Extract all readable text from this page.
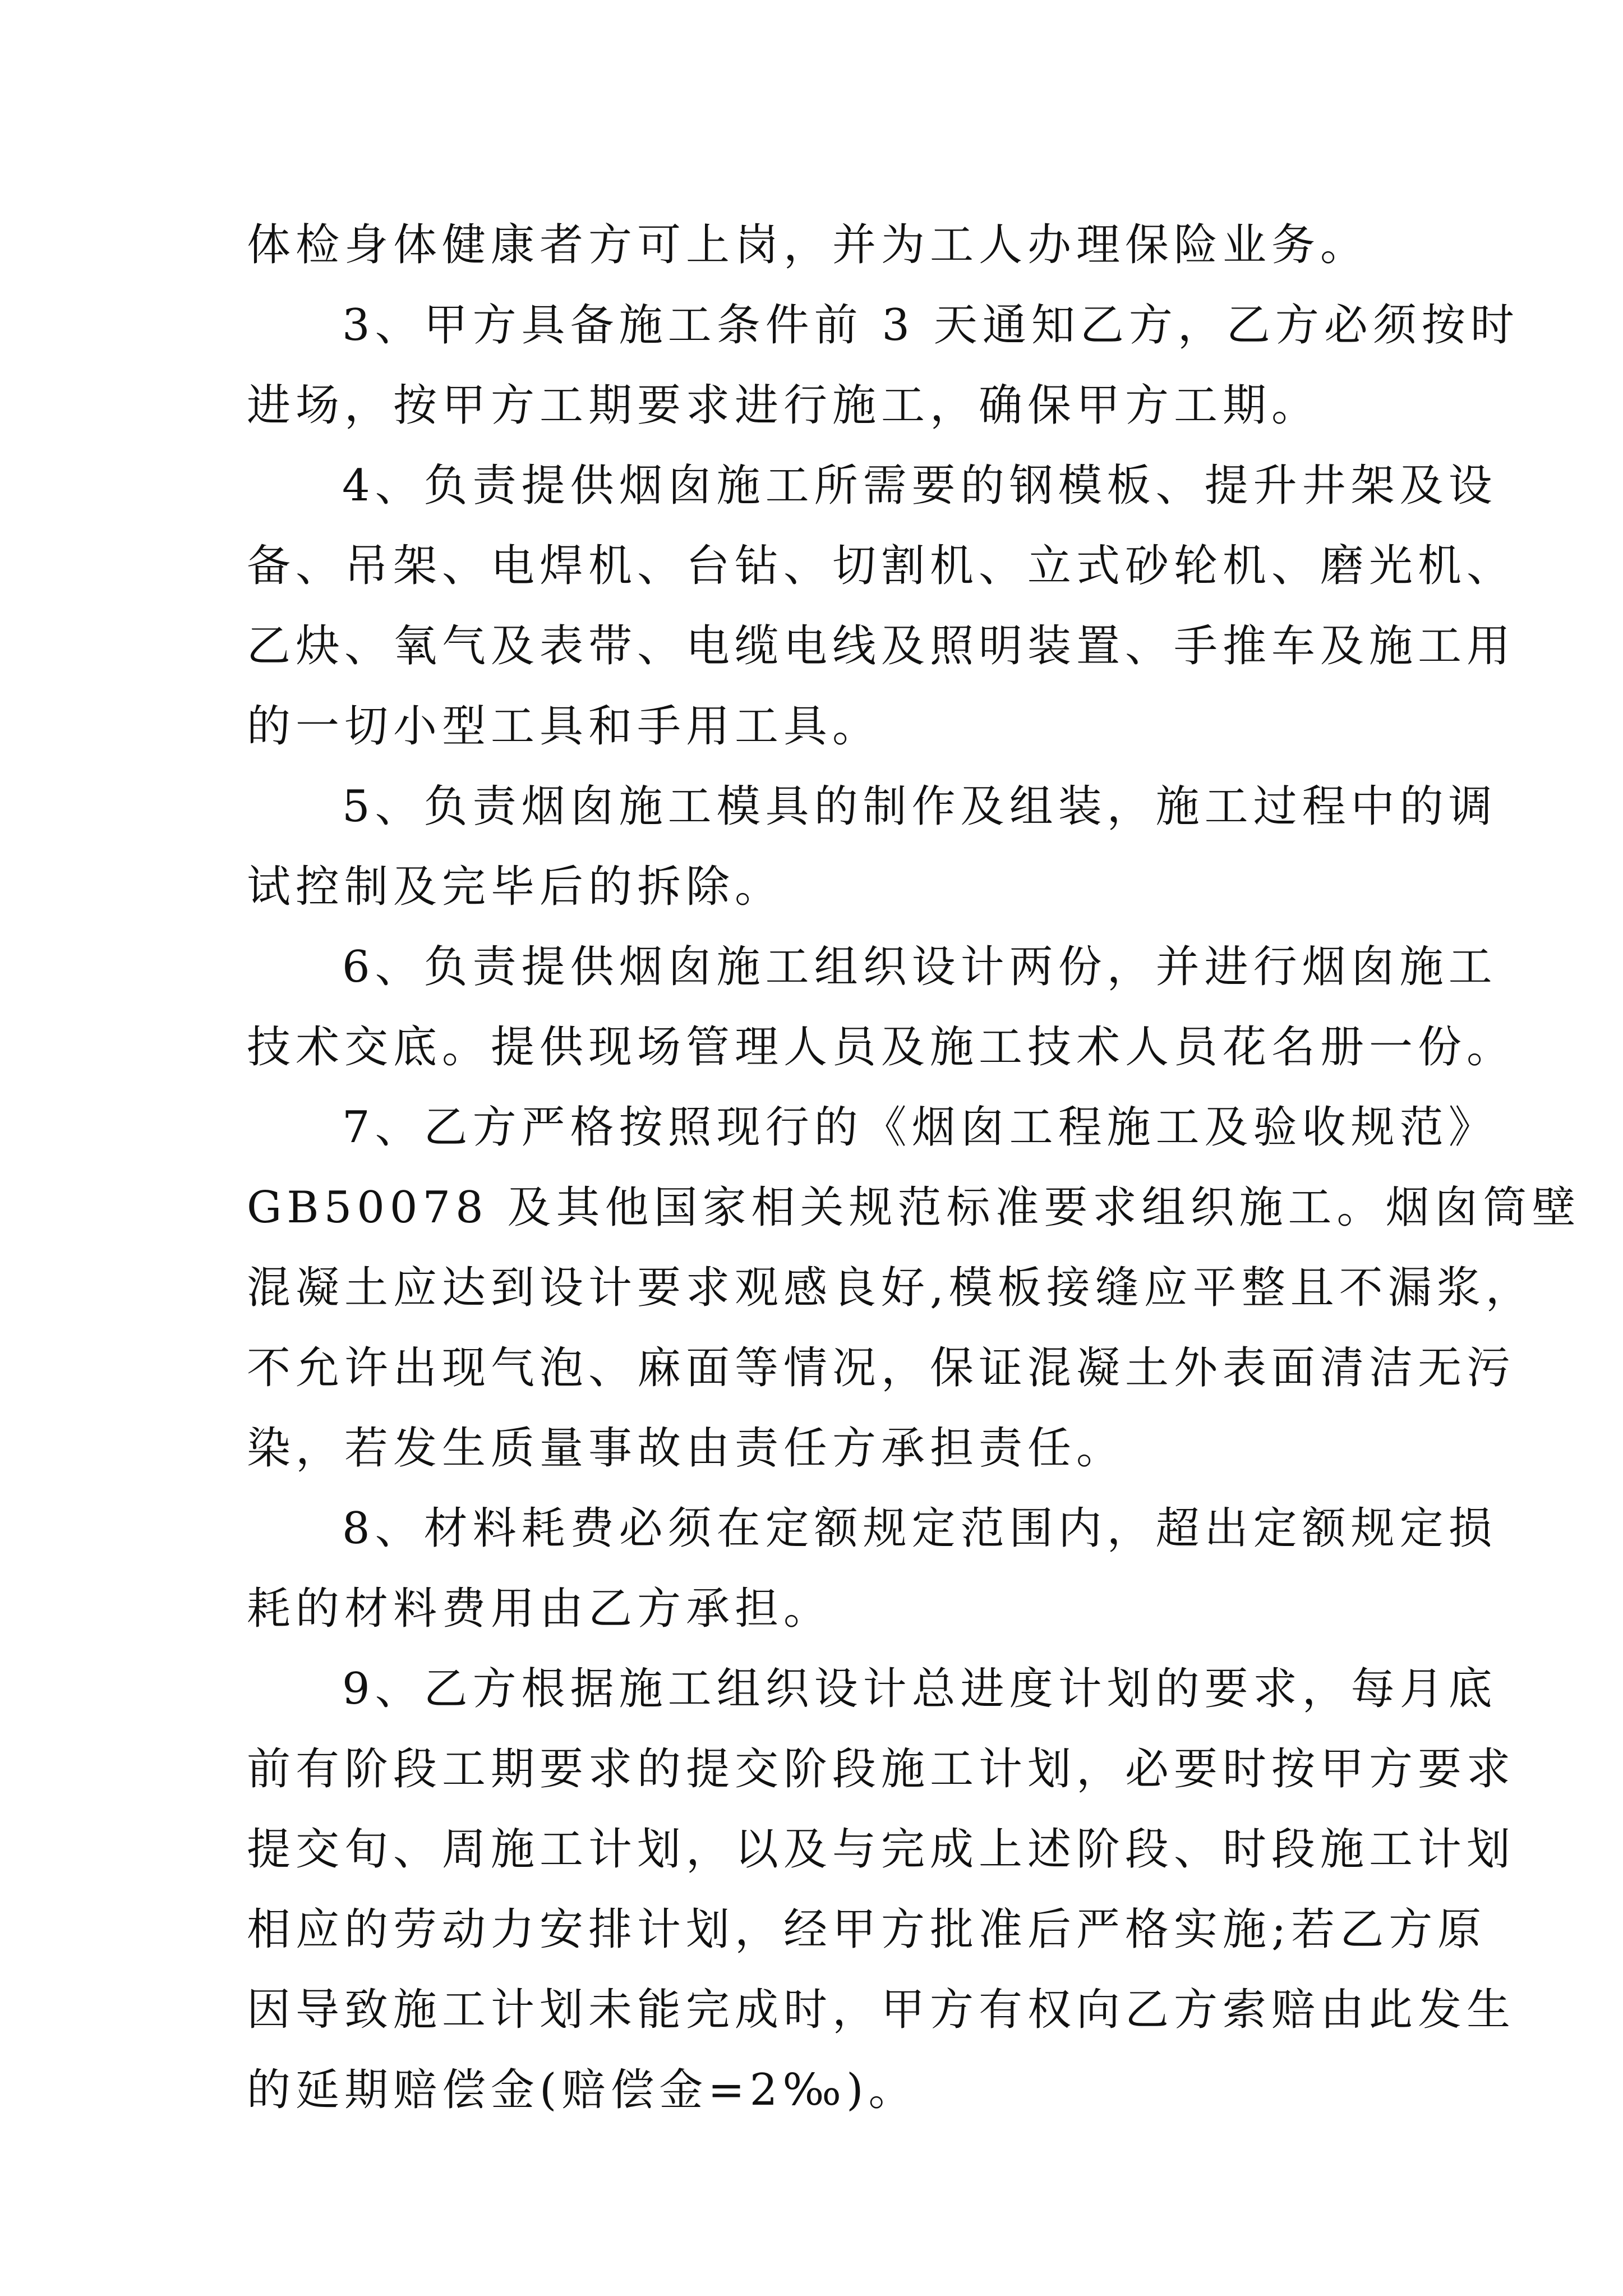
体检身体健康者方可上岗，并为工人办理保险业务。
3、甲方具备施工条件前 3 天通知乙方，乙方必须按时
进场，按甲方工期要求进行施工，确保甲方工期。
4、负责提供烟囱施工所需要的钢模板、提升井架及设
备、吊架、电焊机、台钻、切割机、立式砂轮机、磨光机、
乙炔、氧气及表带、电缆电线及照明装置、手推车及施工用
的一切小型工具和手用工具。
5、负责烟囱施工模具的制作及组装，施工过程中的调
试控制及完毕后的拆除。
6、负责提供烟囱施工组织设计两份，并进行烟囱施工
技术交底。提供现场管理人员及施工技术人员花名册一份。
7、乙方严格按照现行的《烟囱工程施工及验收规范》
GB50078 及其他国家相关规范标准要求组织施工。烟囱筒壁
混凝土应达到设计要求观感良好,模板接缝应平整且不漏浆，
不允许出现气泡、麻面等情况，保证混凝土外表面清洁无污
染，若发生质量事故由责任方承担责任。
8、材料耗费必须在定额规定范围内，超出定额规定损
耗的材料费用由乙方承担。
9、乙方根据施工组织设计总进度计划的要求，每月底
前有阶段工期要求的提交阶段施工计划，必要时按甲方要求
提交旬、周施工计划，以及与完成上述阶段、时段施工计划
相应的劳动力安排计划，经甲方批准后严格实施;若乙方原
因导致施工计划未能完成时，甲方有权向乙方索赔由此发生
的延期赔偿金(赔偿金=2‰)。
